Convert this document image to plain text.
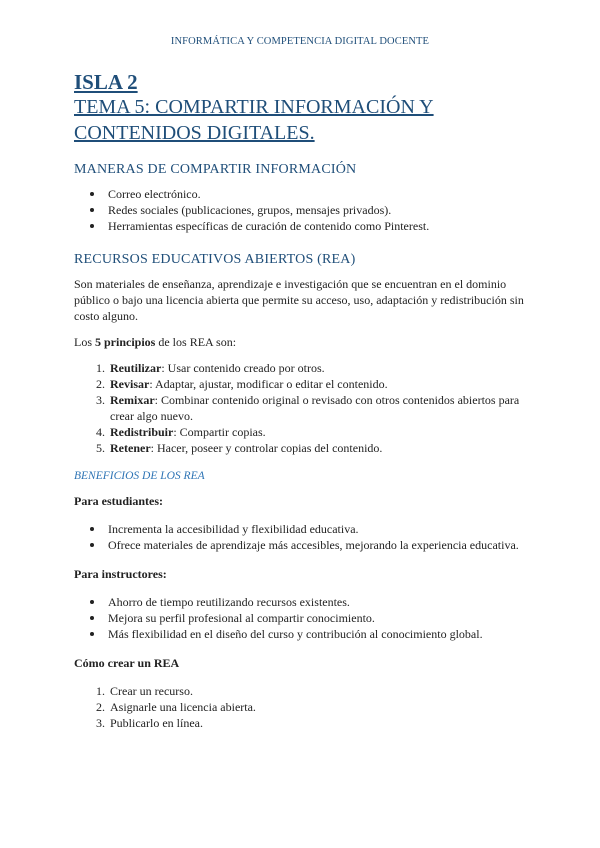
INFORMÁTICA Y COMPETENCIA DIGITAL DOCENTE
ISLA 2
TEMA 5: COMPARTIR INFORMACIÓN Y
CONTENIDOS DIGITALES.
MANERAS DE COMPARTIR INFORMACIÓN
Correo electrónico.
Redes sociales (publicaciones, grupos, mensajes privados).
Herramientas específicas de curación de contenido como Pinterest.
RECURSOS EDUCATIVOS ABIERTOS (REA)

Son materiales de enseñanza, aprendizaje e investigación que se encuentran en el dominio público o bajo una licencia abierta que permite su acceso, uso, adaptación y redistribución sin costo alguno.

Los 5 principios de los REA son:

1. Reutilizar: Usar contenido creado por otros.
2. Revisar: Adaptar, ajustar, modificar o editar el contenido.
3. Remixar: Combinar contenido original o revisado con otros contenidos abiertos para crear algo nuevo.
4. Redistribuir: Compartir copias.
5. Retener: Hacer, poseer y controlar copias del contenido.
BENEFICIOS DE LOS REA
Para estudiantes:
Incrementa la accesibilidad y flexibilidad educativa.
Ofrece materiales de aprendizaje más accesibles, mejorando la experiencia educativa.
Para instructores:
Ahorro de tiempo reutilizando recursos existentes.
Mejora su perfil profesional al compartir conocimiento.
Más flexibilidad en el diseño del curso y contribución al conocimiento global.
Cómo crear un REA
1. Crear un recurso.
2. Asignarle una licencia abierta.
3. Publicarlo en línea.
